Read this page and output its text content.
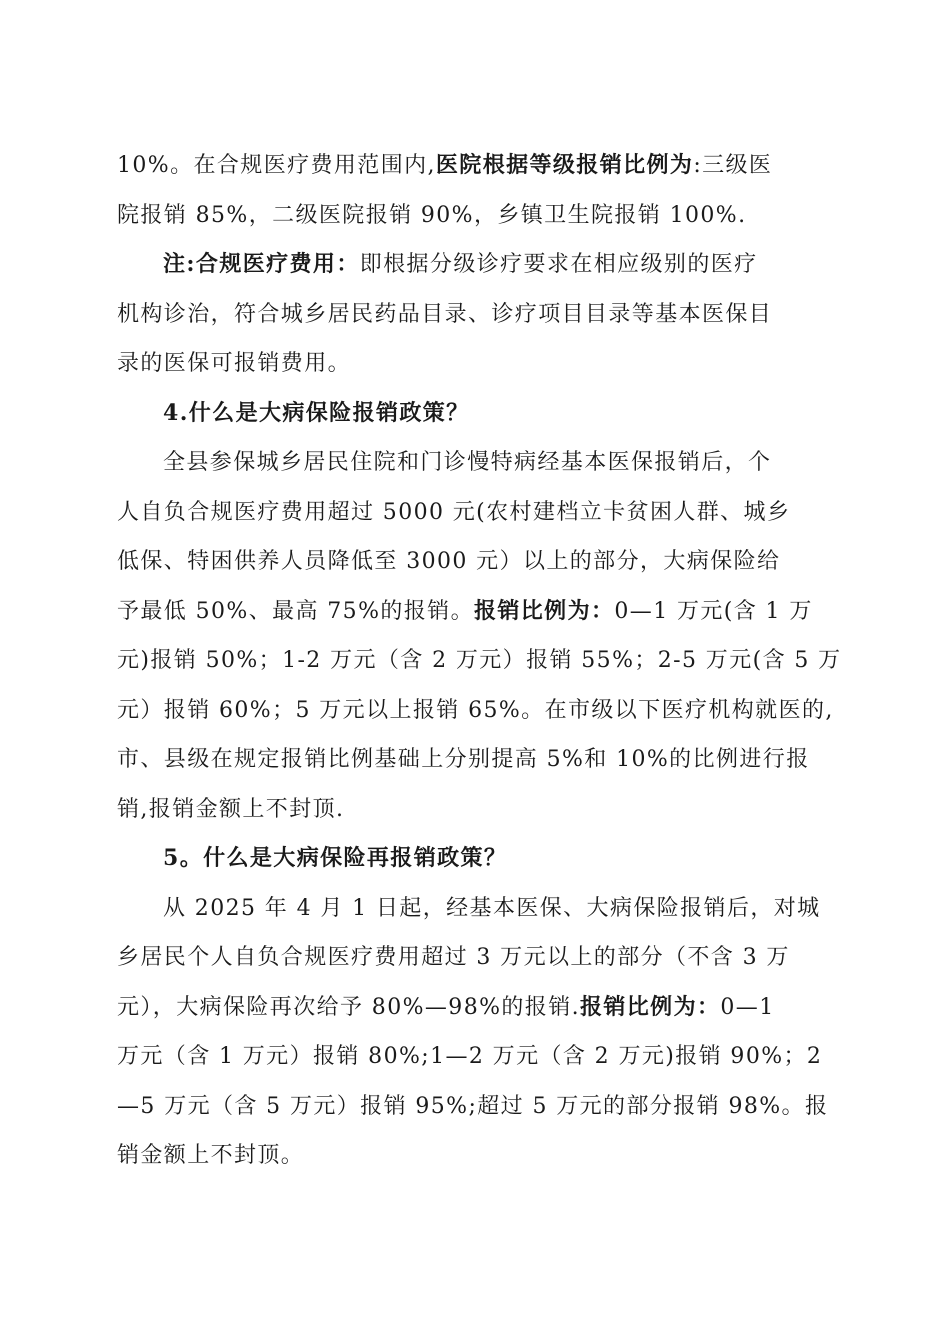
10%。在合规医疗费用范围内,医院根据等级报销比例为:三级医
院报销 85%，二级医院报销 90%，乡镇卫生院报销 100%.
注:合规医疗费用：即根据分级诊疗要求在相应级别的医疗
机构诊治，符合城乡居民药品目录、诊疗项目目录等基本医保目
录的医保可报销费用。
4.什么是大病保险报销政策？
全县参保城乡居民住院和门诊慢特病经基本医保报销后，个
人自负合规医疗费用超过 5000 元(农村建档立卡贫困人群、城乡
低保、特困供养人员降低至 3000 元）以上的部分，大病保险给
予最低 50%、最高 75%的报销。报销比例为：0—1 万元(含 1 万
元)报销 50%；1-2 万元（含 2 万元）报销 55%；2-5 万元(含 5 万
元）报销 60%；5 万元以上报销 65%。在市级以下医疗机构就医的,
市、县级在规定报销比例基础上分别提高 5%和 10%的比例进行报
销,报销金额上不封顶.
5。什么是大病保险再报销政策？
从 2025 年 4 月 1 日起，经基本医保、大病保险报销后，对城
乡居民个人自负合规医疗费用超过 3 万元以上的部分（不含 3 万
元），大病保险再次给予 80%—98%的报销.报销比例为：0—1
万元（含 1 万元）报销 80%;1—2 万元（含 2 万元)报销 90%；2
—5 万元（含 5 万元）报销 95%;超过 5 万元的部分报销 98%。报
销金额上不封顶。
